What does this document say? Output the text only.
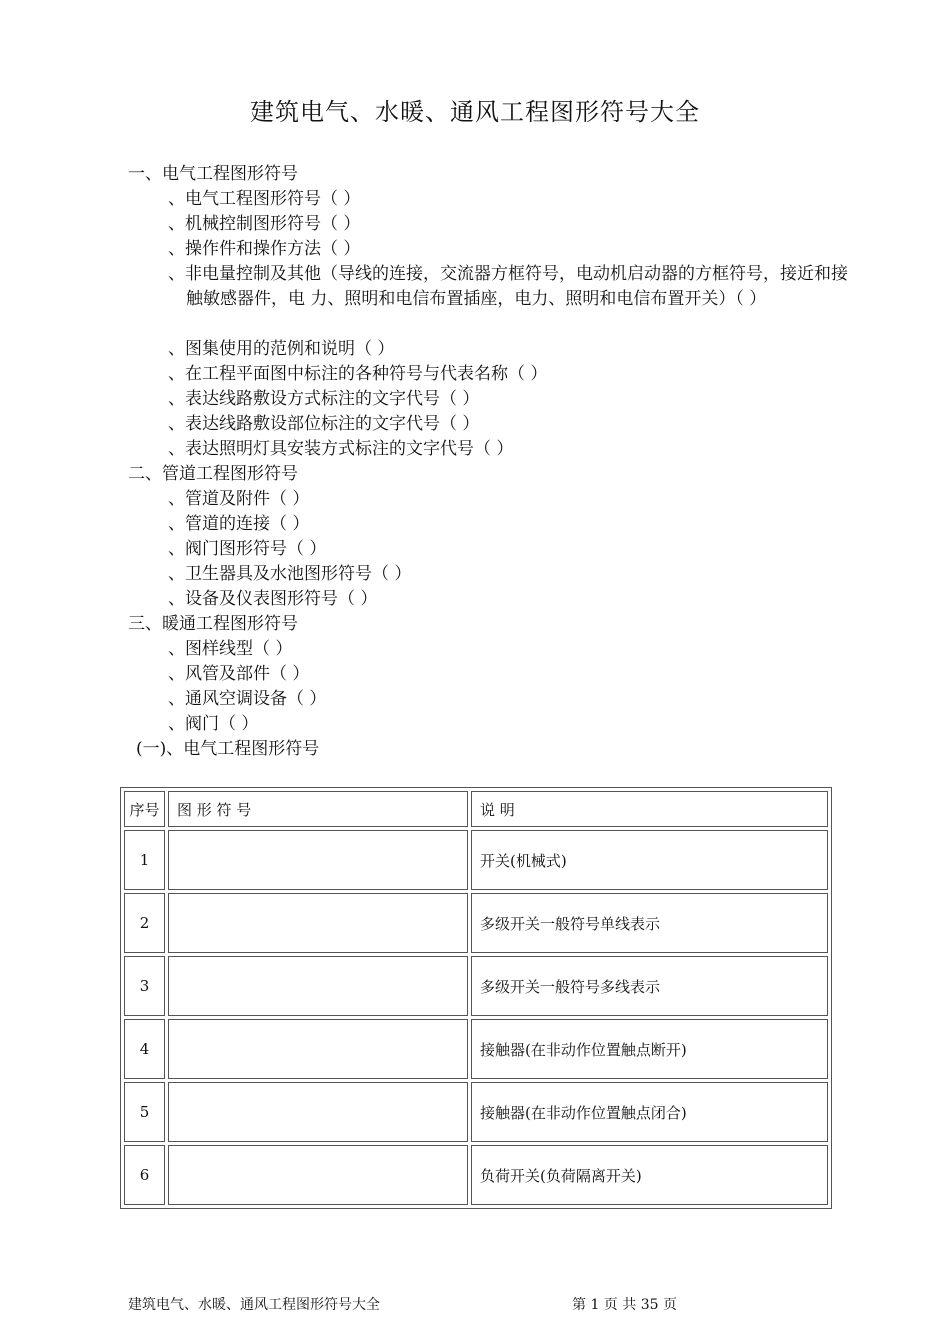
建筑电气、水暖、通风工程图形符号大全
一、电气工程图形符号
、电气工程图形符号（ ）
、机械控制图形符号（ ）
、操作件和操作方法（ ）
、非电量控制及其他（导线的连接，交流器方框符号，电动机启动器的方框符号，接近和接触敏感器件，电 力、照明和电信布置插座，电力、照明和电信布置开关）（ ）
、图集使用的范例和说明（ ）
、在工程平面图中标注的各种符号与代表名称（ ）
、表达线路敷设方式标注的文字代号（ ）
、表达线路敷设部位标注的文字代号（ ）
、表达照明灯具安装方式标注的文字代号（ ）
二、管道工程图形符号
、管道及附件（ ）
、管道的连接（ ）
、阀门图形符号（ ）
、卫生器具及水池图形符号（ ）
、设备及仪表图形符号（ ）
三、暖通工程图形符号
、图样线型（ ）
、风管及部件（ ）
、通风空调设备（ ）
、阀门（ ）
(一)、电气工程图形符号
序号	图 形 符 号	说 明
1		开关(机械式)
2		多级开关一般符号单线表示
3		多级开关一般符号多线表示
4		接触器(在非动作位置触点断开)
5		接触器(在非动作位置触点闭合)
6		负荷开关(负荷隔离开关)
建筑电气、水暖、通风工程图形符号大全	第 1 页 共 35 页
